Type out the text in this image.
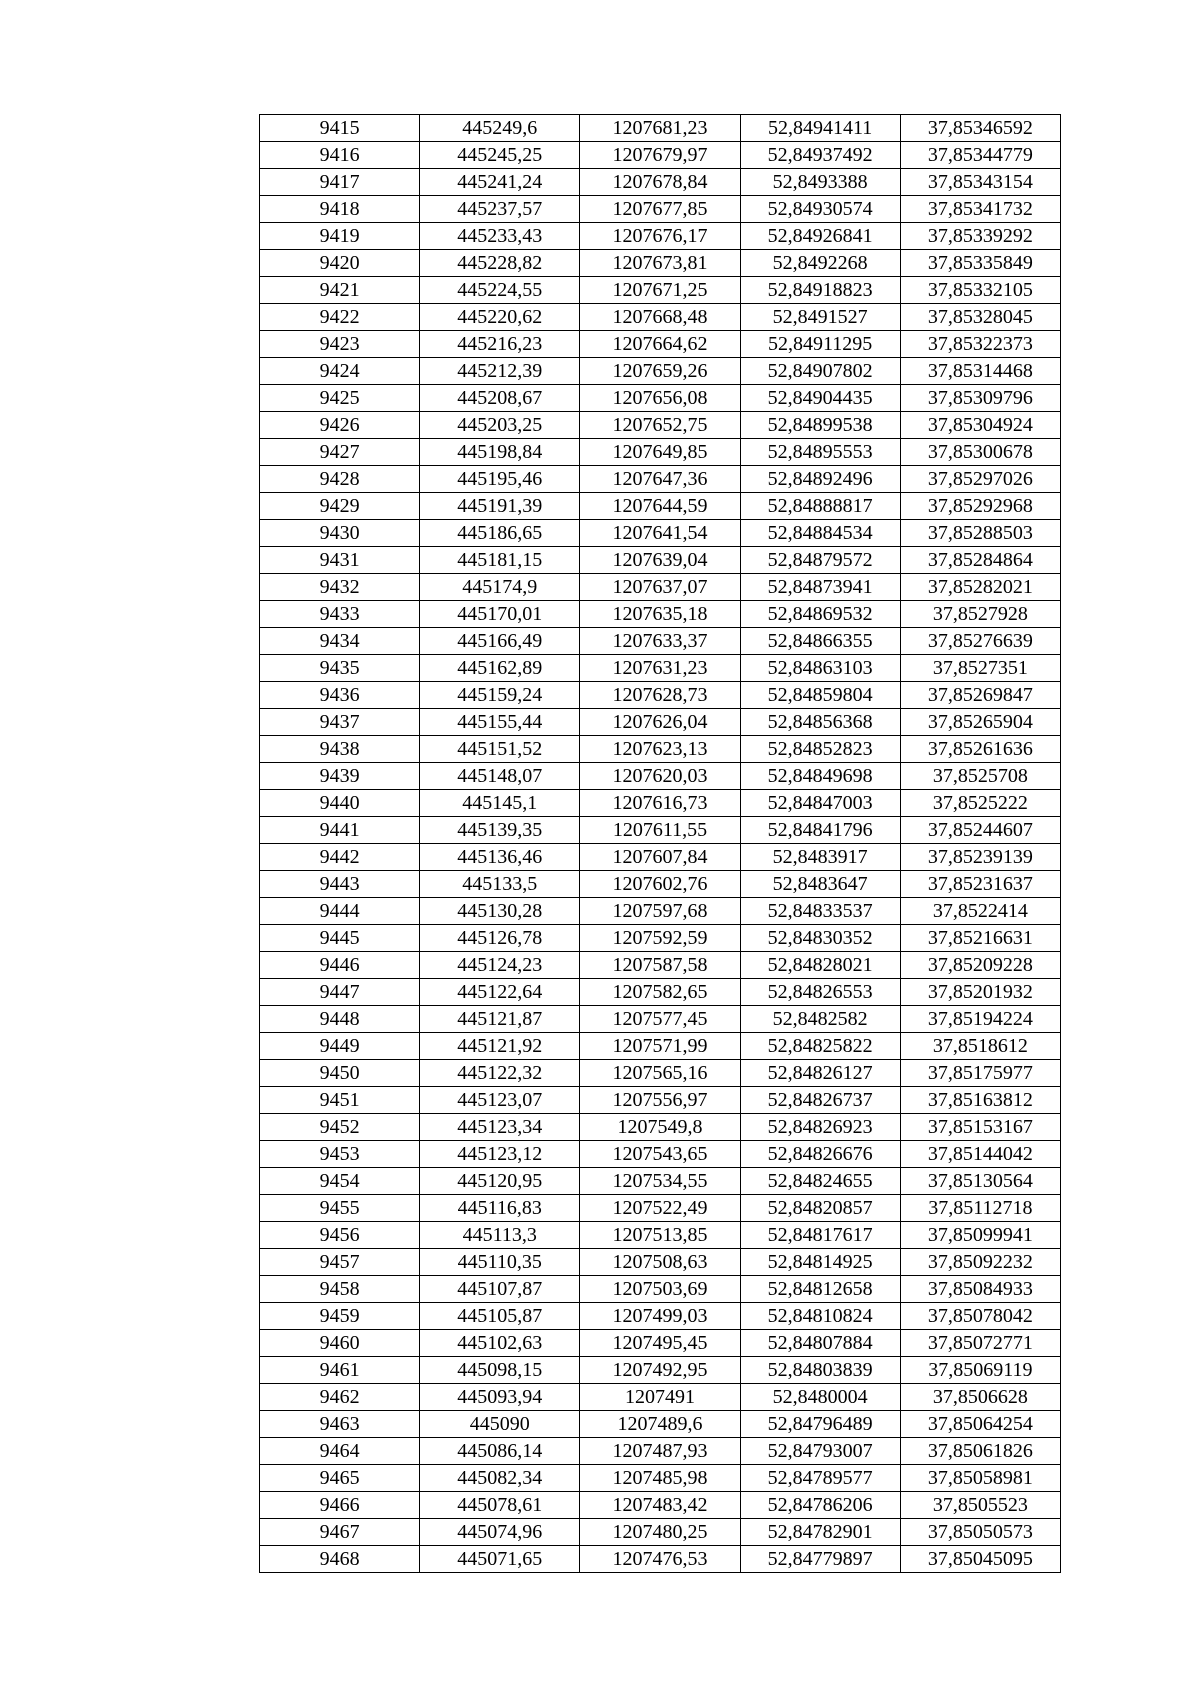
9415	445249,6	1207681,23	52,84941411	37,85346592
9416	445245,25	1207679,97	52,84937492	37,85344779
9417	445241,24	1207678,84	52,8493388	37,85343154
9418	445237,57	1207677,85	52,84930574	37,85341732
9419	445233,43	1207676,17	52,84926841	37,85339292
9420	445228,82	1207673,81	52,8492268	37,85335849
9421	445224,55	1207671,25	52,84918823	37,85332105
9422	445220,62	1207668,48	52,8491527	37,85328045
9423	445216,23	1207664,62	52,84911295	37,85322373
9424	445212,39	1207659,26	52,84907802	37,85314468
9425	445208,67	1207656,08	52,84904435	37,85309796
9426	445203,25	1207652,75	52,84899538	37,85304924
9427	445198,84	1207649,85	52,84895553	37,85300678
9428	445195,46	1207647,36	52,84892496	37,85297026
9429	445191,39	1207644,59	52,84888817	37,85292968
9430	445186,65	1207641,54	52,84884534	37,85288503
9431	445181,15	1207639,04	52,84879572	37,85284864
9432	445174,9	1207637,07	52,84873941	37,85282021
9433	445170,01	1207635,18	52,84869532	37,8527928
9434	445166,49	1207633,37	52,84866355	37,85276639
9435	445162,89	1207631,23	52,84863103	37,8527351
9436	445159,24	1207628,73	52,84859804	37,85269847
9437	445155,44	1207626,04	52,84856368	37,85265904
9438	445151,52	1207623,13	52,84852823	37,85261636
9439	445148,07	1207620,03	52,84849698	37,8525708
9440	445145,1	1207616,73	52,84847003	37,8525222
9441	445139,35	1207611,55	52,84841796	37,85244607
9442	445136,46	1207607,84	52,8483917	37,85239139
9443	445133,5	1207602,76	52,8483647	37,85231637
9444	445130,28	1207597,68	52,84833537	37,8522414
9445	445126,78	1207592,59	52,84830352	37,85216631
9446	445124,23	1207587,58	52,84828021	37,85209228
9447	445122,64	1207582,65	52,84826553	37,85201932
9448	445121,87	1207577,45	52,8482582	37,85194224
9449	445121,92	1207571,99	52,84825822	37,8518612
9450	445122,32	1207565,16	52,84826127	37,85175977
9451	445123,07	1207556,97	52,84826737	37,85163812
9452	445123,34	1207549,8	52,84826923	37,85153167
9453	445123,12	1207543,65	52,84826676	37,85144042
9454	445120,95	1207534,55	52,84824655	37,85130564
9455	445116,83	1207522,49	52,84820857	37,85112718
9456	445113,3	1207513,85	52,84817617	37,85099941
9457	445110,35	1207508,63	52,84814925	37,85092232
9458	445107,87	1207503,69	52,84812658	37,85084933
9459	445105,87	1207499,03	52,84810824	37,85078042
9460	445102,63	1207495,45	52,84807884	37,85072771
9461	445098,15	1207492,95	52,84803839	37,85069119
9462	445093,94	1207491	52,8480004	37,8506628
9463	445090	1207489,6	52,84796489	37,85064254
9464	445086,14	1207487,93	52,84793007	37,85061826
9465	445082,34	1207485,98	52,84789577	37,85058981
9466	445078,61	1207483,42	52,84786206	37,8505523
9467	445074,96	1207480,25	52,84782901	37,85050573
9468	445071,65	1207476,53	52,84779897	37,85045095
